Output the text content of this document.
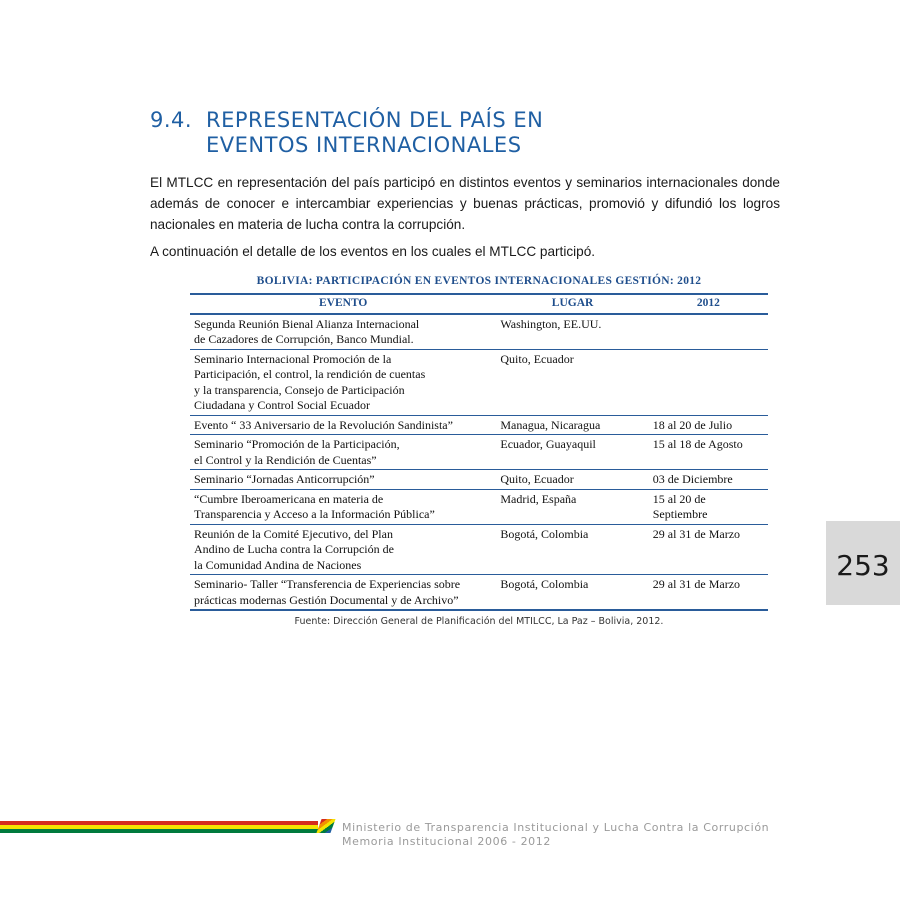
9.4. REPRESENTACIÓN DEL PAÍS EN
EVENTOS INTERNACIONALES

El MTLCC en representación del país participó en distintos eventos y seminarios internacionales donde además de conocer e intercambiar experiencias y buenas prácticas, promovió y difundió los logros nacionales en materia de lucha contra la corrupción.

A continuación el detalle de los eventos en los cuales el MTLCC participó.

BOLIVIA: PARTICIPACIÓN EN EVENTOS INTERNACIONALES GESTIÓN: 2012
EVENTO	LUGAR	2012
Segunda Reunión Bienal Alianza Internacional
de Cazadores de Corrupción, Banco Mundial.	Washington, EE.UU.	
Seminario Internacional Promoción de la
Participación, el control, la rendición de cuentas
y la transparencia, Consejo de Participación
Ciudadana y Control Social Ecuador	Quito, Ecuador	
Evento “ 33 Aniversario de la Revolución Sandinista”	Managua, Nicaragua	18 al 20 de Julio
Seminario “Promoción de la Participación,
el Control y la Rendición de Cuentas”	Ecuador, Guayaquil	15 al 18 de Agosto
Seminario “Jornadas Anticorrupción”	Quito, Ecuador	03 de Diciembre
“Cumbre Iberoamericana en materia de
Transparencia y Acceso a la Información Pública”	Madrid, España	15 al 20 de
Septiembre
Reunión de la Comité Ejecutivo, del Plan
Andino de Lucha contra la Corrupción de
la Comunidad Andina de Naciones	Bogotá, Colombia	29 al 31 de Marzo
Seminario- Taller “Transferencia de Experiencias sobre
prácticas modernas Gestión Documental y de Archivo”	Bogotá, Colombia	29 al 31 de Marzo
Fuente: Dirección General de Planificación del MTILCC, La Paz – Bolivia, 2012.
253
Ministerio de Transparencia Institucional y Lucha Contra la Corrupción
Memoria Institucional 2006 - 2012
